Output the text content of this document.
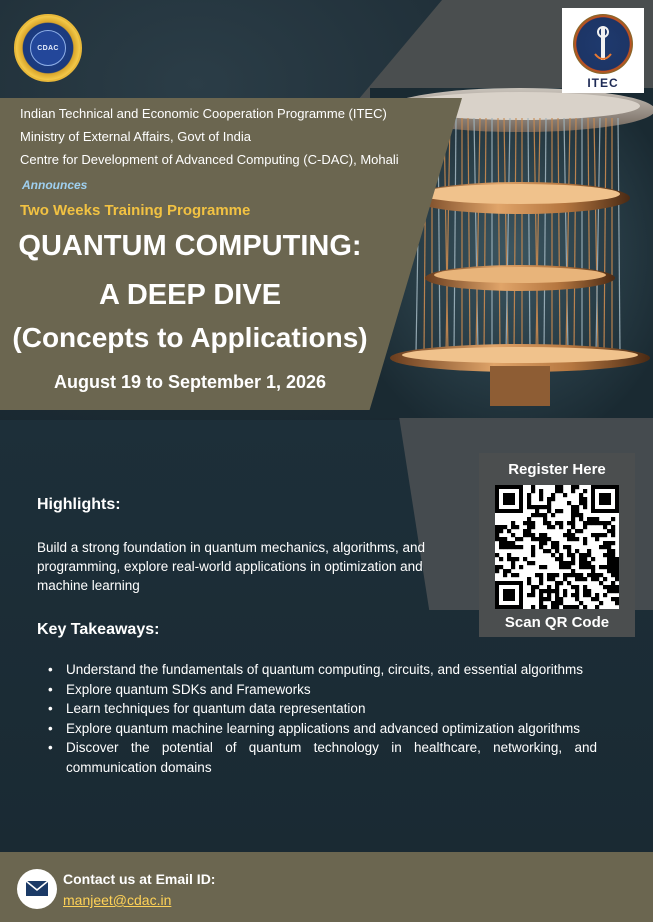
CDAC
ITEC
Indian Technical and Economic Cooperation Programme (ITEC)
Ministry of External Affairs, Govt of India
Centre for Development of Advanced Computing (C-DAC), Mohali
Announces
Two Weeks Training Programme
QUANTUM COMPUTING:
A DEEP DIVE
(Concepts to Applications)
August 19 to September 1, 2026
Register Here
Scan QR Code
Highlights:
Build a strong foundation in quantum mechanics, algorithms, and programming, explore real-world applications in optimization and machine learning
Key Takeaways:
• Understand the fundamentals of quantum computing, circuits, and essential algorithms
• Explore quantum SDKs and Frameworks
• Learn techniques for quantum data representation
• Explore quantum machine learning applications and advanced optimization algorithms
• Discover the potential of quantum technology in healthcare, networking, and communication domains
Contact us at Email ID:
manjeet@cdac.in
